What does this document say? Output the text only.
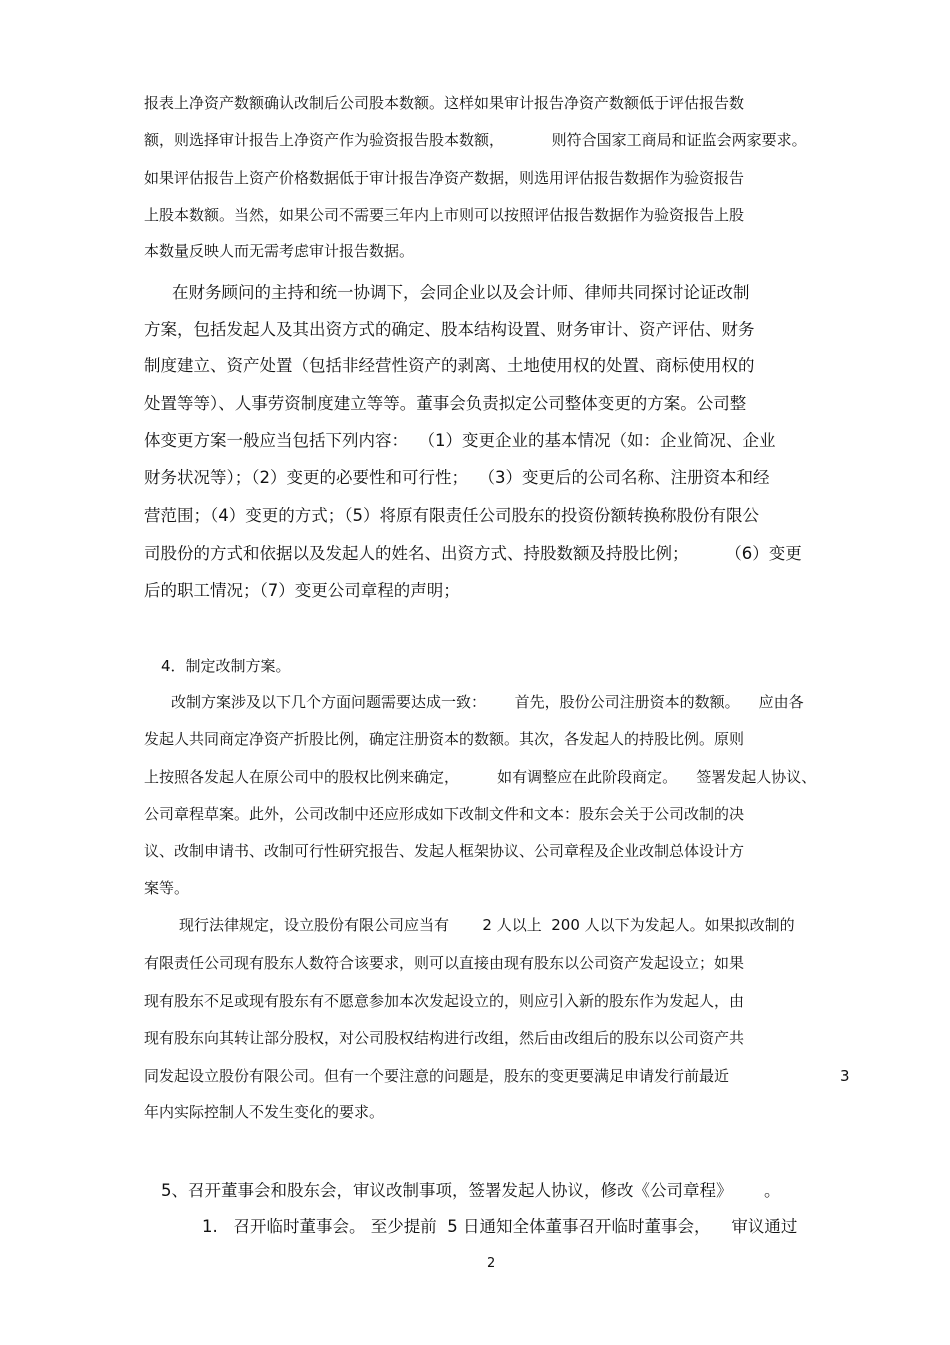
报表上净资产数额确认改制后公司股本数额。这样如果审计报告净资产数额低于评估报告数
额，则选择审计报告上净资产作为验资报告股本数额，          则符合国家工商局和证监会两家要求。
如果评估报告上资产价格数据低于审计报告净资产数据，则选用评估报告数据作为验资报告
上股本数额。当然，如果公司不需要三年内上市则可以按照评估报告数据作为验资报告上股
本数量反映人而无需考虑审计报告数据。
在财务顾问的主持和统一协调下，会同企业以及会计师、律师共同探讨论证改制
方案，包括发起人及其出资方式的确定、股本结构设置、财务审计、资产评估、财务
制度建立、资产处置（包括非经营性资产的剥离、土地使用权的处置、商标使用权的
处置等等）、人事劳资制度建立等等。董事会负责拟定公司整体变更的方案。公司整
体变更方案一般应当包括下列内容：  （1）变更企业的基本情况（如：企业简况、企业
财务状况等）；（2）变更的必要性和可行性；  （3）变更后的公司名称、注册资本和经
营范围；（4）变更的方式；（5）将原有限责任公司股东的投资份额转换称股份有限公
司股份的方式和依据以及发起人的姓名、出资方式、持股数额及持股比例；       （6）变更
后的职工情况；（7）变更公司章程的声明；
4．制定改制方案。
改制方案涉及以下几个方面问题需要达成一致：      首先，股份公司注册资本的数额。    应由各
发起人共同商定净资产折股比例，确定注册资本的数额。其次，各发起人的持股比例。原则
上按照各发起人在原公司中的股权比例来确定，        如有调整应在此阶段商定。    签署发起人协议、
公司章程草案。此外，公司改制中还应形成如下改制文件和文本：股东会关于公司改制的决
议、改制申请书、改制可行性研究报告、发起人框架协议、公司章程及企业改制总体设计方
案等。
现行法律规定，设立股份有限公司应当有       2 人以上  200 人以下为发起人。如果拟改制的
有限责任公司现有股东人数符合该要求，则可以直接由现有股东以公司资产发起设立；如果
现有股东不足或现有股东有不愿意参加本次发起设立的，则应引入新的股东作为发起人，由
现有股东向其转让部分股权，对公司股权结构进行改组，然后由改组后的股东以公司资产共
同发起设立股份有限公司。但有一个要注意的问题是，股东的变更要满足申请发行前最近	3
年内实际控制人不发生变化的要求。
5、召开董事会和股东会，审议改制事项，签署发起人协议，修改《公司章程》      。
1.   召开临时董事会。 至少提前  5 日通知全体董事召开临时董事会，    审议通过
2
